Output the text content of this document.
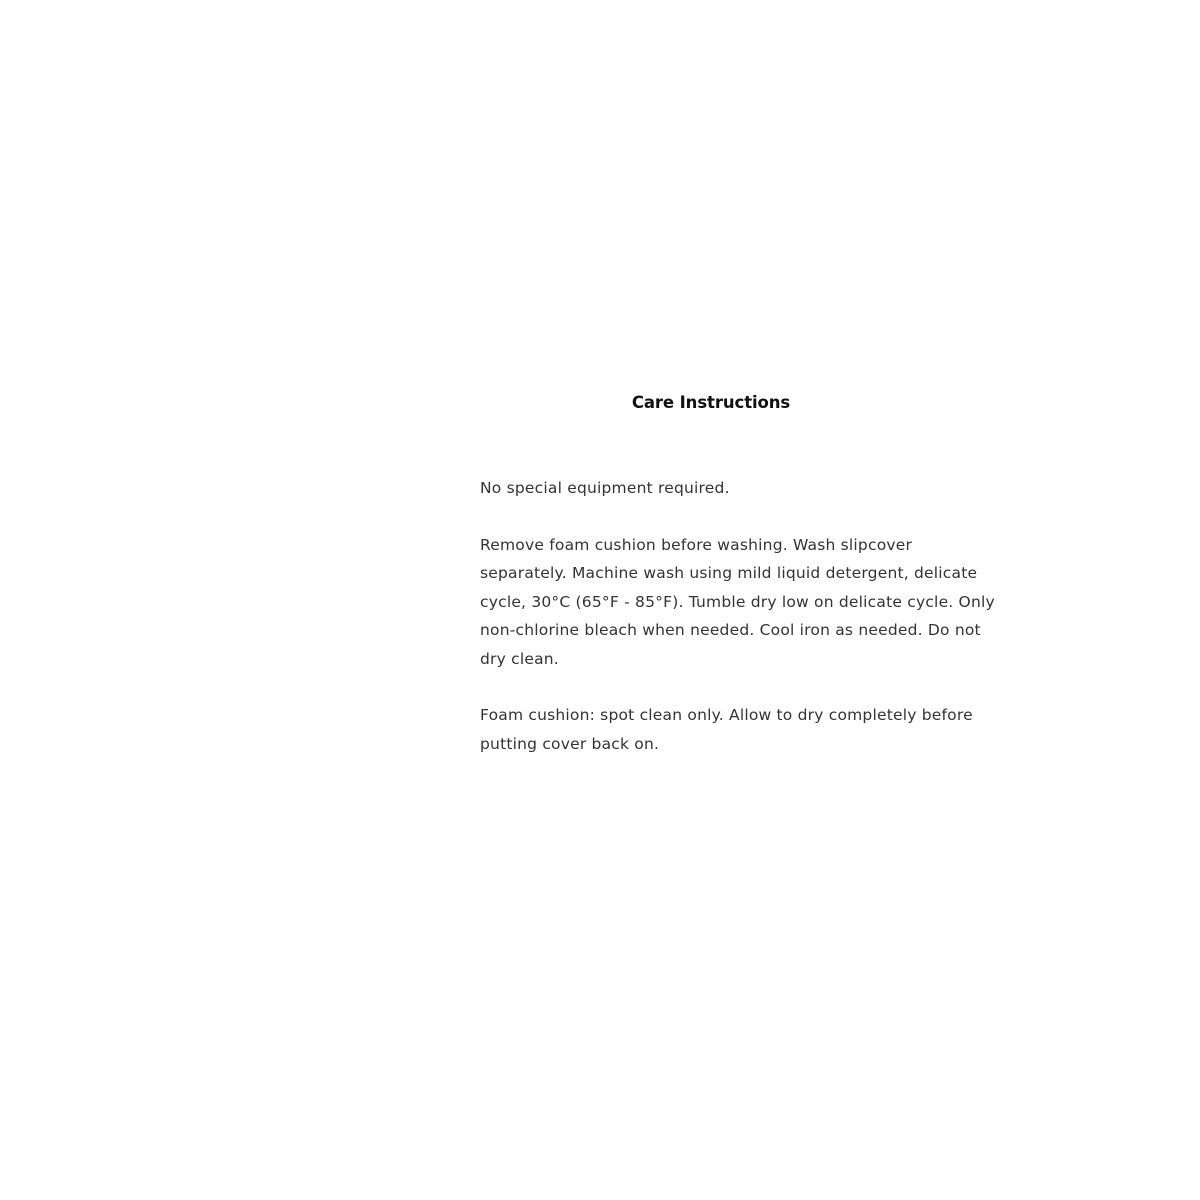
Care Instructions

No special equipment required.

Remove foam cushion before washing. Wash slipcover separately. Machine wash using mild liquid detergent, delicate cycle, 30°C (65°F - 85°F). Tumble dry low on delicate cycle. Only non-chlorine bleach when needed. Cool iron as needed. Do not dry clean.

Foam cushion: spot clean only. Allow to dry completely before putting cover back on.
